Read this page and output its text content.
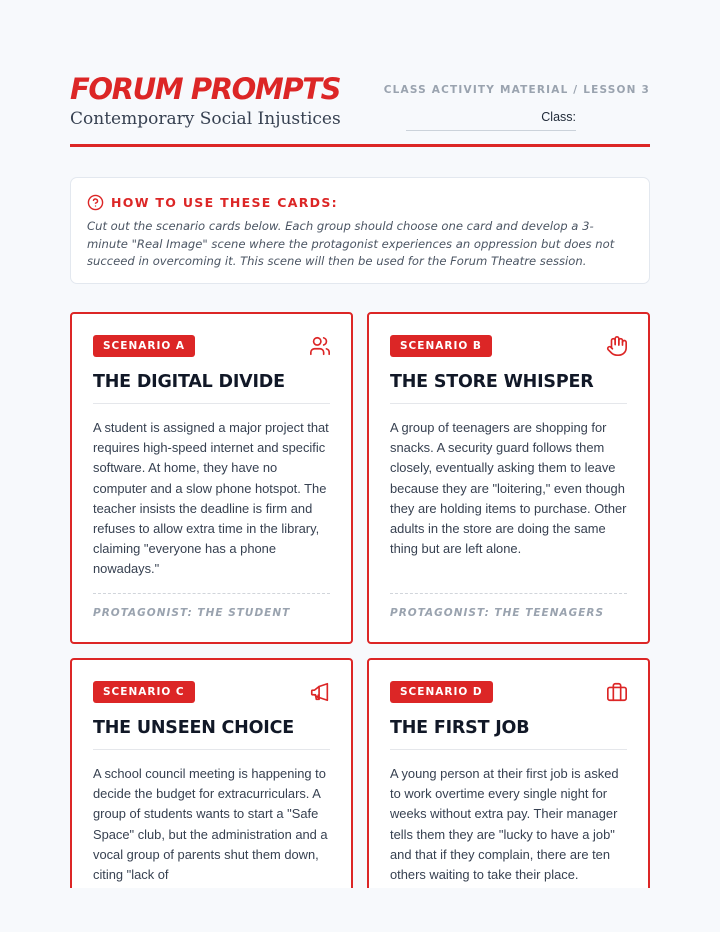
FORUM PROMPTS
Contemporary Social Injustices
CLASS ACTIVITY MATERIAL / LESSON 3
Class:
HOW TO USE THESE CARDS:

Cut out the scenario cards below. Each group should choose one card and develop a 3-minute "Real Image" scene where the protagonist experiences an oppression but does not succeed in overcoming it. This scene will then be used for the Forum Theatre session.

SCENARIO A
THE DIGITAL DIVIDE

A student is assigned a major project that requires high-speed internet and specific software. At home, they have no computer and a slow phone hotspot. The teacher insists the deadline is firm and refuses to allow extra time in the library, claiming "everyone has a phone nowadays."

PROTAGONIST: THE STUDENT
SCENARIO B
THE STORE WHISPER

A group of teenagers are shopping for snacks. A security guard follows them closely, eventually asking them to leave because they are "loitering," even though they are holding items to purchase. Other adults in the store are doing the same thing but are left alone.

PROTAGONIST: THE TEENAGERS
SCENARIO C
THE UNSEEN CHOICE

A school council meeting is happening to decide the budget for extracurriculars. A group of students wants to start a "Safe Space" club, but the administration and a vocal group of parents shut them down, citing "lack of

SCENARIO D
THE FIRST JOB

A young person at their first job is asked to work overtime every single night for weeks without extra pay. Their manager tells them they are "lucky to have a job" and that if they complain, there are ten others waiting to take their place.
